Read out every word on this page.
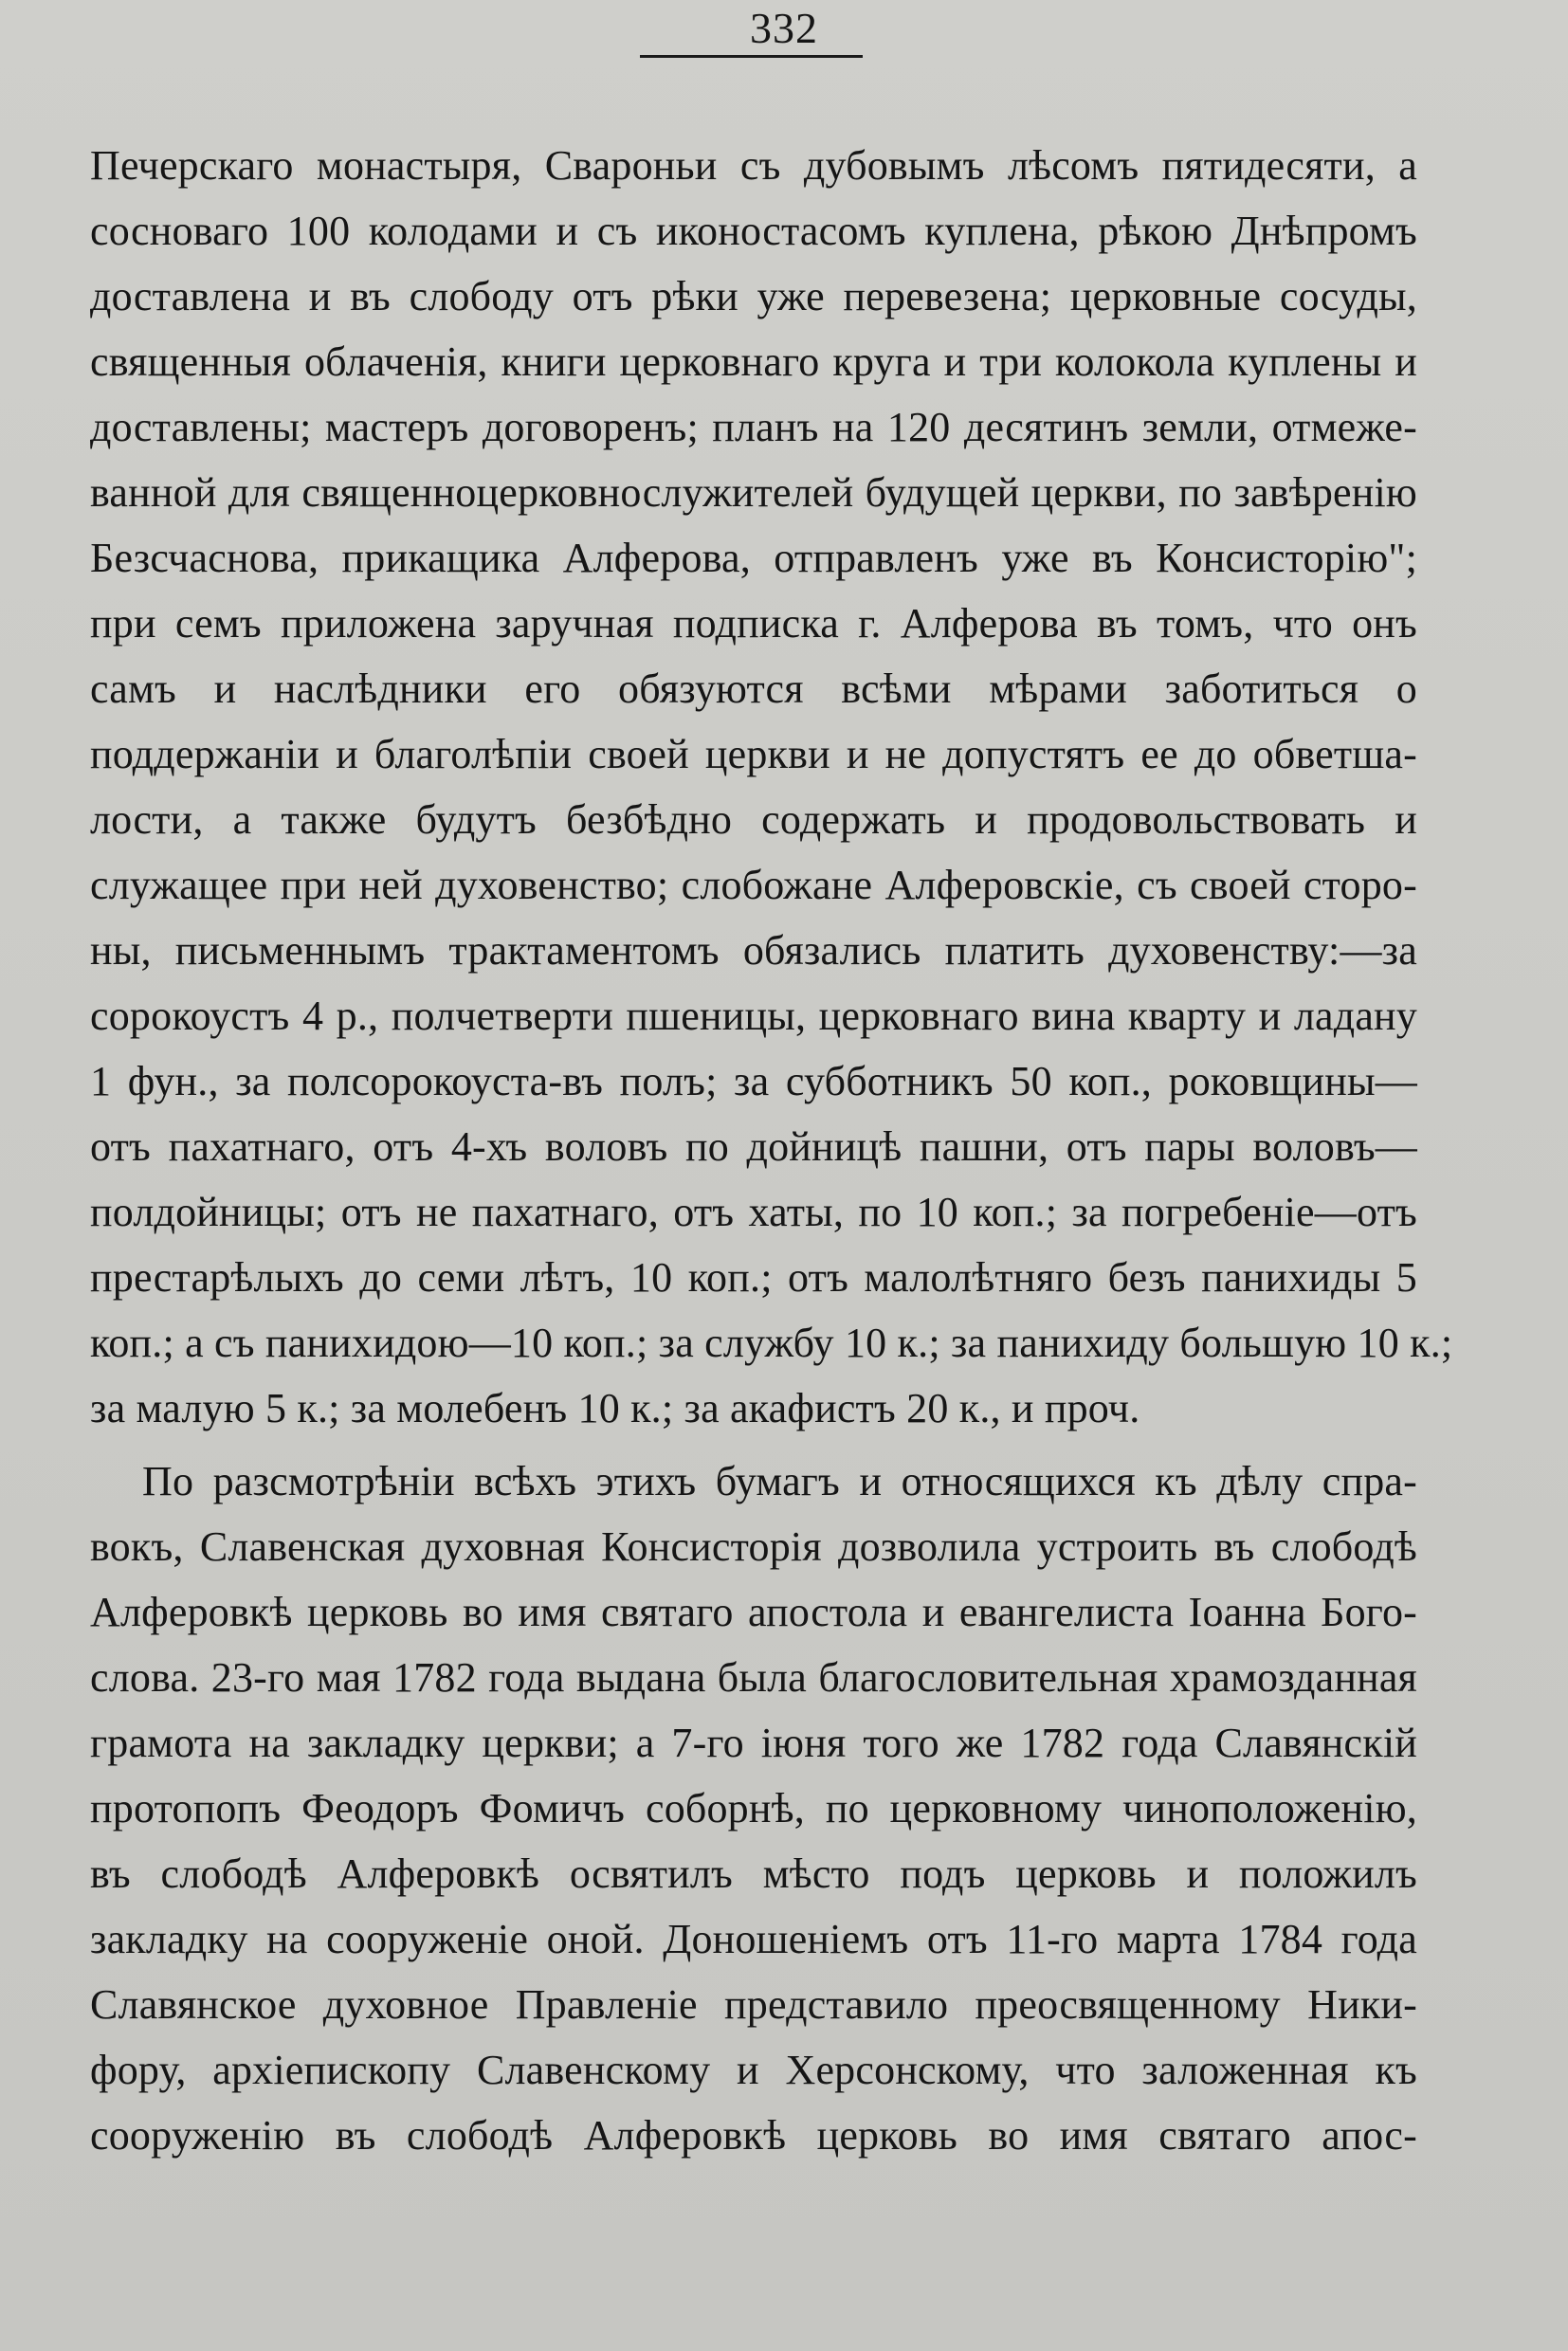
332
Печерскаго монастыря, Свароньи съ дубовымъ лѣсомъ пятидесяти, а
сосноваго 100 колодами и съ иконостасомъ куплена, рѣкою Днѣпромъ
доставлена и въ слободу отъ рѣки уже перевезена; церковные сосуды,
священныя облаченія, книги церковнаго круга и три колокола куплены и
доставлены; мастеръ договоренъ; планъ на 120 десятинъ земли, отмеже-
ванной для священноцерковнослужителей будущей церкви, по завѣренію
Безсчаснова, прикащика Алферова, отправленъ уже въ Консисторію";
при семъ приложена заручная подписка г. Алферова въ томъ, что онъ
самъ и наслѣдники его обязуются всѣми мѣрами заботиться о
поддержаніи и благолѣпіи своей церкви и не допустятъ ее до обветша-
лости, а также будутъ безбѣдно содержать и продовольствовать и
служащее при ней духовенство; слобожане Алферовскіе, съ своей сторо-
ны, письменнымъ трактаментомъ обязались платить духовенству:—за
сорокоустъ 4 р., полчетверти пшеницы, церковнаго вина кварту и ладану
1 фун., за полсорокоуста-въ полъ; за субботникъ 50 коп., роковщины—
отъ пахатнаго, отъ 4-хъ воловъ по дойницѣ пашни, отъ пары воловъ—
полдойницы; отъ не пахатнаго, отъ хаты, по 10 коп.; за погребеніе—отъ
престарѣлыхъ до семи лѣтъ, 10 коп.; отъ малолѣтняго безъ панихиды 5
коп.; а съ панихидою—10 коп.; за службу 10 к.; за панихиду большую 10 к.;
за малую 5 к.; за молебенъ 10 к.; за акафистъ 20 к., и проч.
По разсмотрѣніи всѣхъ этихъ бумагъ и относящихся къ дѣлу спра-
вокъ, Славенская духовная Консисторія дозволила устроить въ слободѣ
Алферовкѣ церковь во имя святаго апостола и евангелиста Іоанна Бого-
слова. 23-го мая 1782 года выдана была благословительная храмозданная
грамота на закладку церкви; а 7-го іюня того же 1782 года Славянскій
протопопъ Феодоръ Фомичъ соборнѣ, по церковному чиноположенію,
въ слободѣ Алферовкѣ освятилъ мѣсто подъ церковь и положилъ
закладку на сооруженіе оной. Доношеніемъ отъ 11-го марта 1784 года
Славянское духовное Правленіе представило преосвященному Ники-
фору, архіепископу Славенскому и Херсонскому, что заложенная къ
сооруженію въ слободѣ Алферовкѣ церковь во имя святаго апос-
